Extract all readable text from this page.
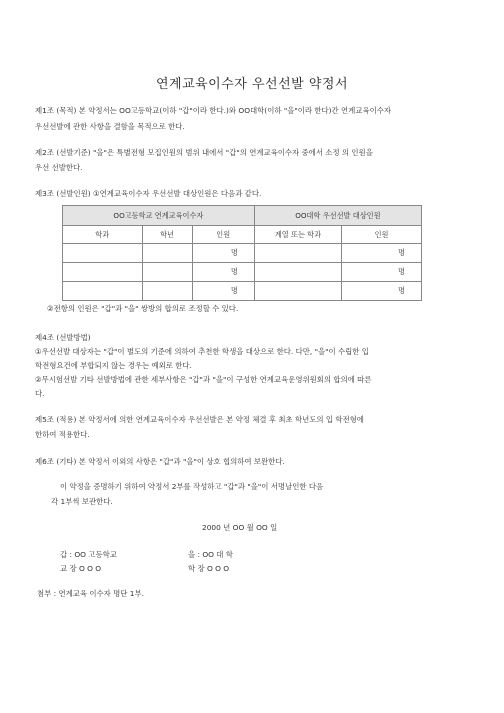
연계교육이수자 우선선발 약정서
제1조 (목적) 본 약정서는 OO고등학교(이하 "갑"이라 한다.)와 OO대학(이하 "을"이라 한다)간 연계교육이수자
우선선발에 관한 사항을 결함을 목적으로 한다.
제2조 (선발기준) "을"은 특별전형 모집인원의 범위 내에서 "갑"의 연계교육이수자 중에서 소정 의 인원을
우선 선발한다.
제3조 (선발인원) ①연계교육이수자 우선선발 대상인원은 다음과 같다.
OO고등학교 연계교육이수자			OO대학 우선선발 대상인원	
학과	학년	인원	계열 또는 학과	인원
		명		명
		명		명
		명		명
②전항의 인원은 "갑"과 "을" 쌍방의 합의로 조정할 수 있다.
제4조 (선발방법)
①우선선발 대상자는 "갑"이 별도의 기준에 의하여 추천한 학생을 대상으로 한다. 다만, "을"이 수립한 입
학전형요건에 부합되지 않는 경우는 예외로 한다.
②무시험선발 기타 선발방법에 관한 세부사항은 "갑"과 "을"이 구성한 연계교육운영위원회의 합의에 따른
다.
제5조 (적용) 본 약정서에 의한 연계교육이수자 우선선발은 본 약정 체결 후 최초 학년도의 입 학전형에
한하여 적용한다.
제6조 (기타) 본 약정서 이외의 사항은 "갑"과 "을"이 상호 협의하여 보완한다.
이 약정을 증명하기 위하여 약정서 2부를 작성하고 "갑"과 "을"이 서명날인한 다음
각 1부씩 보관한다.
2000 년 OO 월 OO 일
갑 : OO 고등학교
교 장 O O O
을 : OO 대 학
학 장 O O O
첨부 : 연계교육 이수자 명단 1부.
